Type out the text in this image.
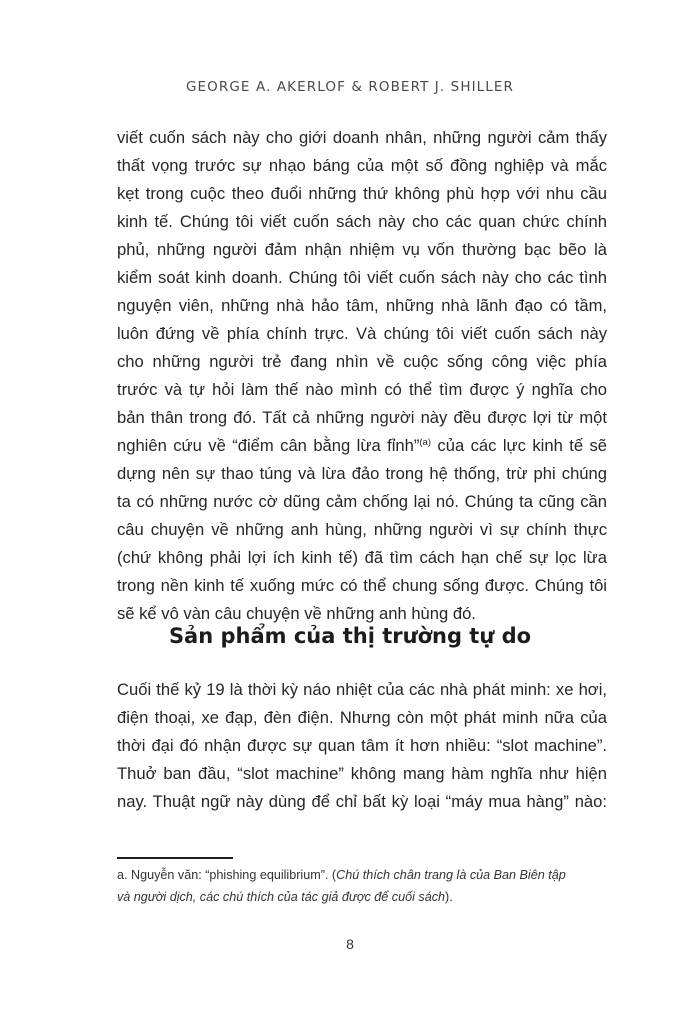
GEORGE A. AKERLOF & ROBERT J. SHILLER
viết cuốn sách này cho giới doanh nhân, những người cảm thấy
thất vọng trước sự nhạo báng của một số đồng nghiệp và mắc
kẹt trong cuộc theo đuổi những thứ không phù hợp với nhu cầu
kinh tế. Chúng tôi viết cuốn sách này cho các quan chức chính
phủ, những người đảm nhận nhiệm vụ vốn thường bạc bẽo là
kiểm soát kinh doanh. Chúng tôi viết cuốn sách này cho các tình
nguyện viên, những nhà hảo tâm, những nhà lãnh đạo có tầm,
luôn đứng về phía chính trực. Và chúng tôi viết cuốn sách này
cho những người trẻ đang nhìn về cuộc sống công việc phía
trước và tự hỏi làm thế nào mình có thể tìm được ý nghĩa cho
bản thân trong đó. Tất cả những người này đều được lợi từ một
nghiên cứu về “điểm cân bằng lừa fỉnh”$^{(a)}$ của các lực kinh tế sẽ
dựng nên sự thao túng và lừa đảo trong hệ thống, trừ phi chúng
ta có những nước cờ dũng cảm chống lại nó. Chúng ta cũng cần
câu chuyện về những anh hùng, những người vì sự chính thực
(chứ không phải lợi ích kinh tế) đã tìm cách hạn chế sự lọc lừa
trong nền kinh tế xuống mức có thể chung sống được. Chúng tôi
sẽ kể vô vàn câu chuyện về những anh hùng đó.
Sản phẩm của thị trường tự do
Cuối thế kỷ 19 là thời kỳ náo nhiệt của các nhà phát minh: xe hơi,
điện thoại, xe đạp, đèn điện. Nhưng còn một phát minh nữa của
thời đại đó nhận được sự quan tâm ít hơn nhiều: “slot machine”.
Thuở ban đầu, “slot machine” không mang hàm nghĩa như hiện
nay. Thuật ngữ này dùng để chỉ bất kỳ loại “máy mua hàng” nào:
a. Nguyễn văn: “phishing equilibrium”. (Chú thích chân trang là của Ban Biên tập
và người dịch, các chú thích của tác giả được để cuối sách).
8
